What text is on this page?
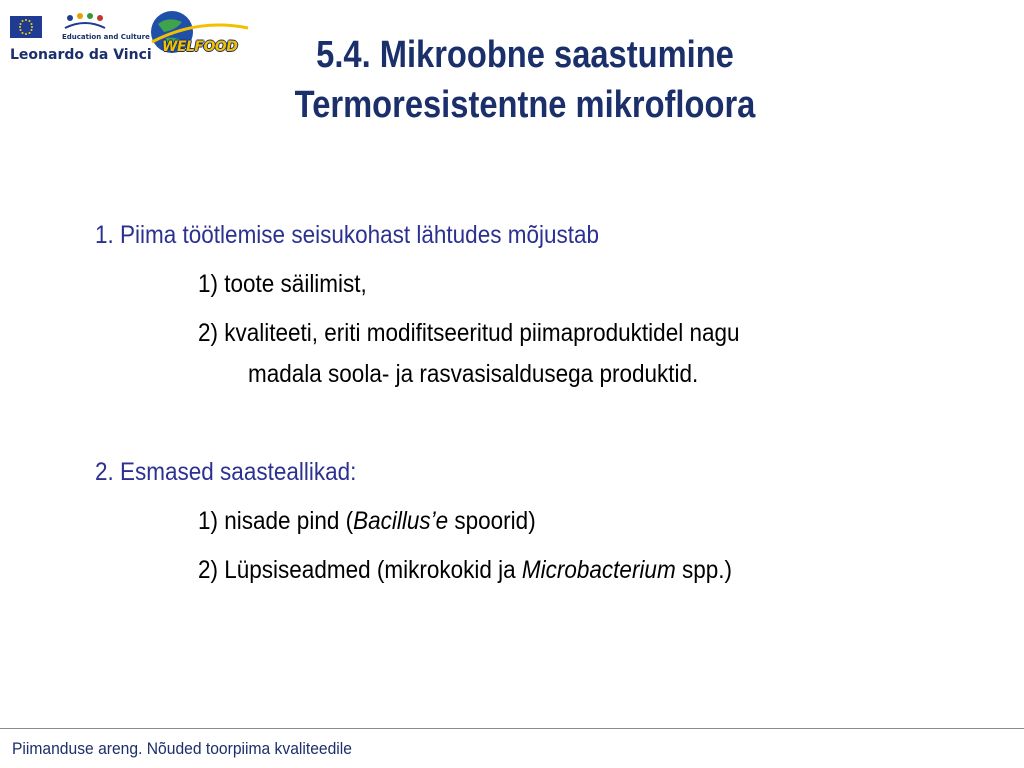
Education and Culture
Leonardo da Vinci WELFOOD	5.4. Mikroobne saastumine
Termoresistentne mikrofloora
1. Piima töötlemise seisukohast lähtudes mõjustab
1) toote säilimist,
2) kvaliteeti, eriti modifitseeritud piimaproduktidel nagu
madala soola- ja rasvasisaldusega produktid.
2. Esmased saasteallikad:
1) nisade pind (Bacillus’e spoorid)
2) Lüpsiseadmed (mikrokokid ja Microbacterium spp.)
Piimanduse areng. Nõuded toorpiima kvaliteedile
